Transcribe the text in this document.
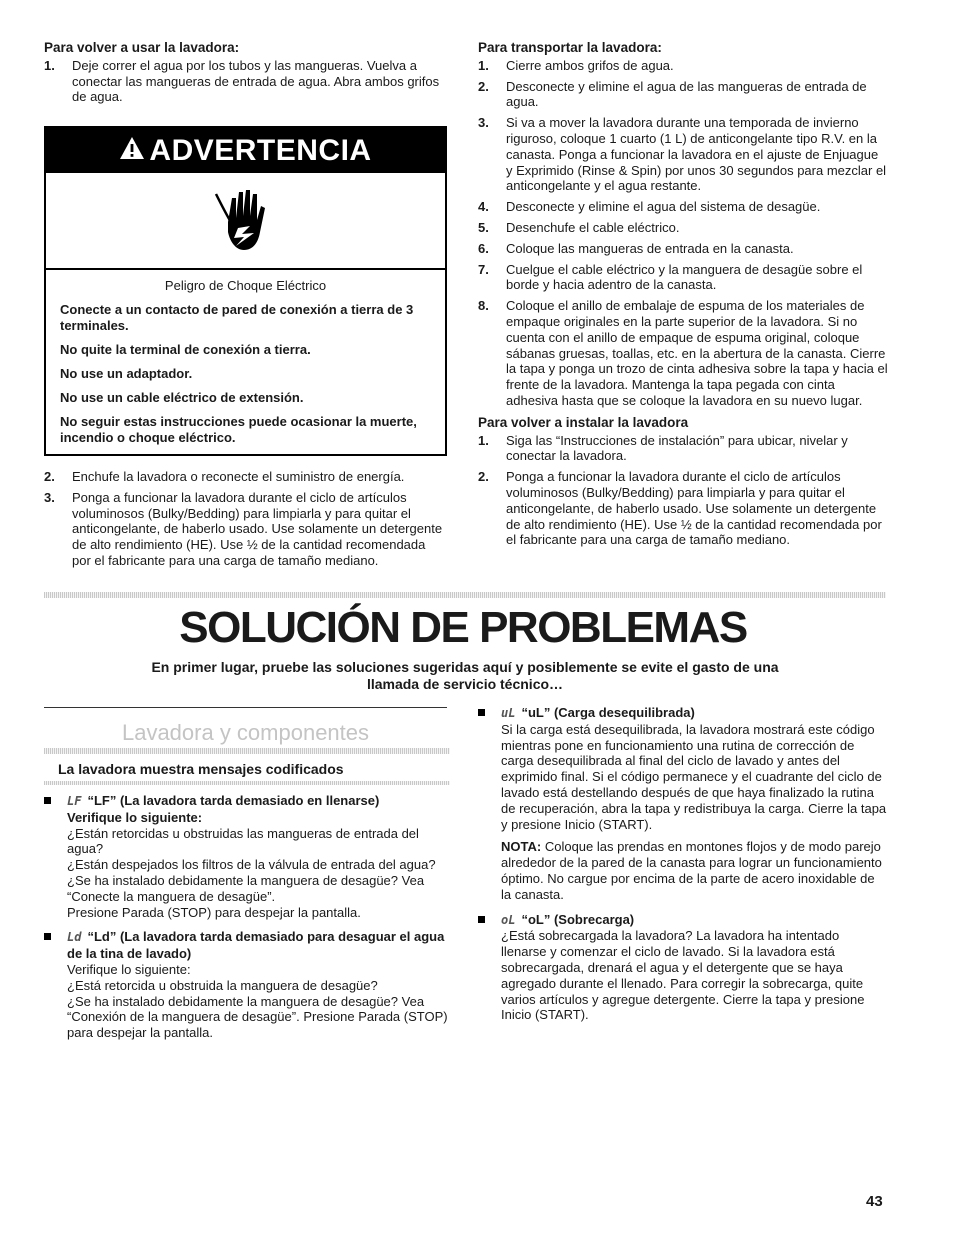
Para volver a usar la lavadora:
1. Deje correr el agua por los tubos y las mangueras. Vuelva a conectar las mangueras de entrada de agua. Abra ambos grifos de agua.
ADVERTENCIA
Peligro de Choque Eléctrico

Conecte a un contacto de pared de conexión a tierra de 3 terminales.

No quite la terminal de conexión a tierra.

No use un adaptador.

No use un cable eléctrico de extensión.

No seguir estas instrucciones puede ocasionar la muerte, incendio o choque eléctrico.

2. Enchufe la lavadora o reconecte el suministro de energía.
3. Ponga a funcionar la lavadora durante el ciclo de artículos voluminosos (Bulky/Bedding) para limpiarla y para quitar el anticongelante, de haberlo usado. Use solamente un detergente de alto rendimiento (HE). Use ½ de la cantidad recomendada por el fabricante para una carga de tamaño mediano.
Para transportar la lavadora:
1. Cierre ambos grifos de agua.
2. Desconecte y elimine el agua de las mangueras de entrada de agua.
3. Si va a mover la lavadora durante una temporada de invierno riguroso, coloque 1 cuarto (1 L) de anticongelante tipo R.V. en la canasta. Ponga a funcionar la lavadora en el ajuste de Enjuague y Exprimido (Rinse & Spin) por unos 30 segundos para mezclar el anticongelante y el agua restante.
4. Desconecte y elimine el agua del sistema de desagüe.
5. Desenchufe el cable eléctrico.
6. Coloque las mangueras de entrada en la canasta.
7. Cuelgue el cable eléctrico y la manguera de desagüe sobre el borde y hacia adentro de la canasta.
8. Coloque el anillo de embalaje de espuma de los materiales de empaque originales en la parte superior de la lavadora. Si no cuenta con el anillo de empaque de espuma original, coloque sábanas gruesas, toallas, etc. en la abertura de la canasta. Cierre la tapa y ponga un trozo de cinta adhesiva sobre la tapa y hacia el frente de la lavadora. Mantenga la tapa pegada con cinta adhesiva hasta que se coloque la lavadora en su nuevo lugar.
Para volver a instalar la lavadora
1. Siga las “Instrucciones de instalación” para ubicar, nivelar y conectar la lavadora.
2. Ponga a funcionar la lavadora durante el ciclo de artículos voluminosos (Bulky/Bedding) para limpiarla y para quitar el anticongelante, de haberlo usado. Use solamente un detergente de alto rendimiento (HE). Use ½ de la cantidad recomendada por el fabricante para una carga de tamaño mediano.
SOLUCIÓN DE PROBLEMAS
En primer lugar, pruebe las soluciones sugeridas aquí y posiblemente se evite el gasto de una llamada de servicio técnico…
Lavadora y componentes
La lavadora muestra mensajes codificados
LF “LF” (La lavadora tarda demasiado en llenarse)
Verifique lo siguiente:
¿Están retorcidas u obstruidas las mangueras de entrada del agua?
¿Están despejados los filtros de la válvula de entrada del agua?
¿Se ha instalado debidamente la manguera de desagüe? Vea “Conecte la manguera de desagüe”.
Presione Parada (STOP) para despejar la pantalla.
Ld “Ld” (La lavadora tarda demasiado para desaguar el agua de la tina de lavado)
Verifique lo siguiente:
¿Está retorcida u obstruida la manguera de desagüe?
¿Se ha instalado debidamente la manguera de desagüe? Vea “Conexión de la manguera de desagüe”. Presione Parada (STOP) para despejar la pantalla.
uL “uL” (Carga desequilibrada)
Si la carga está desequilibrada, la lavadora mostrará este código mientras pone en funcionamiento una rutina de corrección de carga desequilibrada al final del ciclo de lavado y antes del exprimido final. Si el código permanece y el cuadrante del ciclo de lavado está destellando después de que haya finalizado la rutina de recuperación, abra la tapa y redistribuya la carga. Cierre la tapa y presione Inicio (START).
NOTA: Coloque las prendas en montones flojos y de modo parejo alrededor de la pared de la canasta para lograr un funcionamiento óptimo. No cargue por encima de la parte de acero inoxidable de la canasta.
oL “oL” (Sobrecarga)
¿Está sobrecargada la lavadora? La lavadora ha intentado llenarse y comenzar el ciclo de lavado. Si la lavadora está sobrecargada, drenará el agua y el detergente que se haya agregado durante el llenado. Para corregir la sobrecarga, quite varios artículos y agregue detergente. Cierre la tapa y presione Inicio (START).
43
